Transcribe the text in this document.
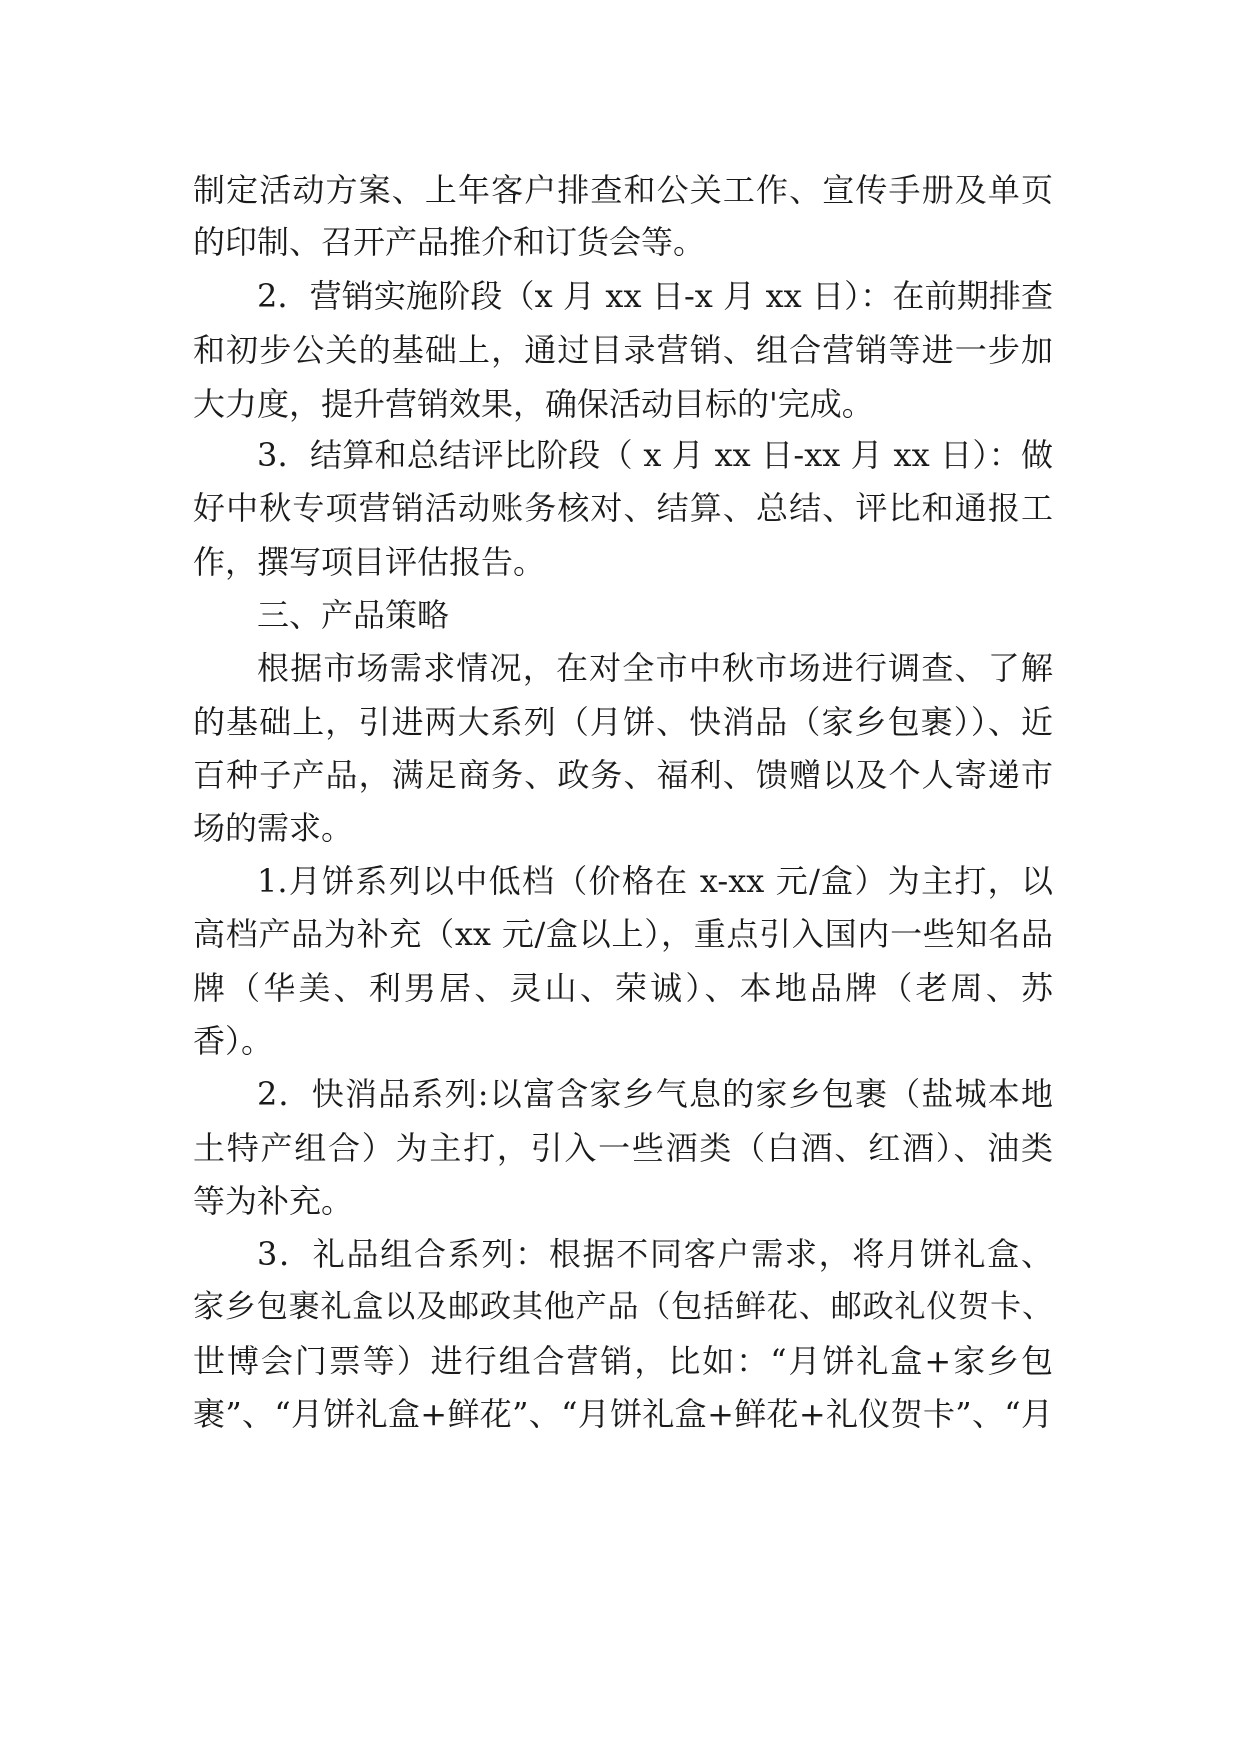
制定活动方案、上年客户排查和公关工作、宣传手册及单页
的印制、召开产品推介和订货会等。
2．营销实施阶段（x 月 xx 日-x 月 xx 日）：在前期排查
和初步公关的基础上，通过目录营销、组合营销等进一步加
大力度，提升营销效果，确保活动目标的'完成。
3．结算和总结评比阶段（ x 月 xx 日-xx 月 xx 日）：做
好中秋专项营销活动账务核对、结算、总结、评比和通报工
作，撰写项目评估报告。
三、产品策略
根据市场需求情况，在对全市中秋市场进行调查、了解
的基础上，引进两大系列（月饼、快消品（家乡包裹））、近
百种子产品，满足商务、政务、福利、馈赠以及个人寄递市
场的需求。
1.月饼系列以中低档（价格在 x-xx 元/盒）为主打，以
高档产品为补充（xx 元/盒以上），重点引入国内一些知名品
牌（华美、利男居、灵山、荣诚）、本地品牌（老周、苏
香）。
2．快消品系列:以富含家乡气息的家乡包裹（盐城本地
土特产组合）为主打，引入一些酒类（白酒、红酒）、油类
等为补充。
3．礼品组合系列：根据不同客户需求，将月饼礼盒、
家乡包裹礼盒以及邮政其他产品（包括鲜花、邮政礼仪贺卡、
世博会门票等）进行组合营销，比如：“月饼礼盒+家乡包
裹”、“月饼礼盒+鲜花”、“月饼礼盒+鲜花+礼仪贺卡”、“月
